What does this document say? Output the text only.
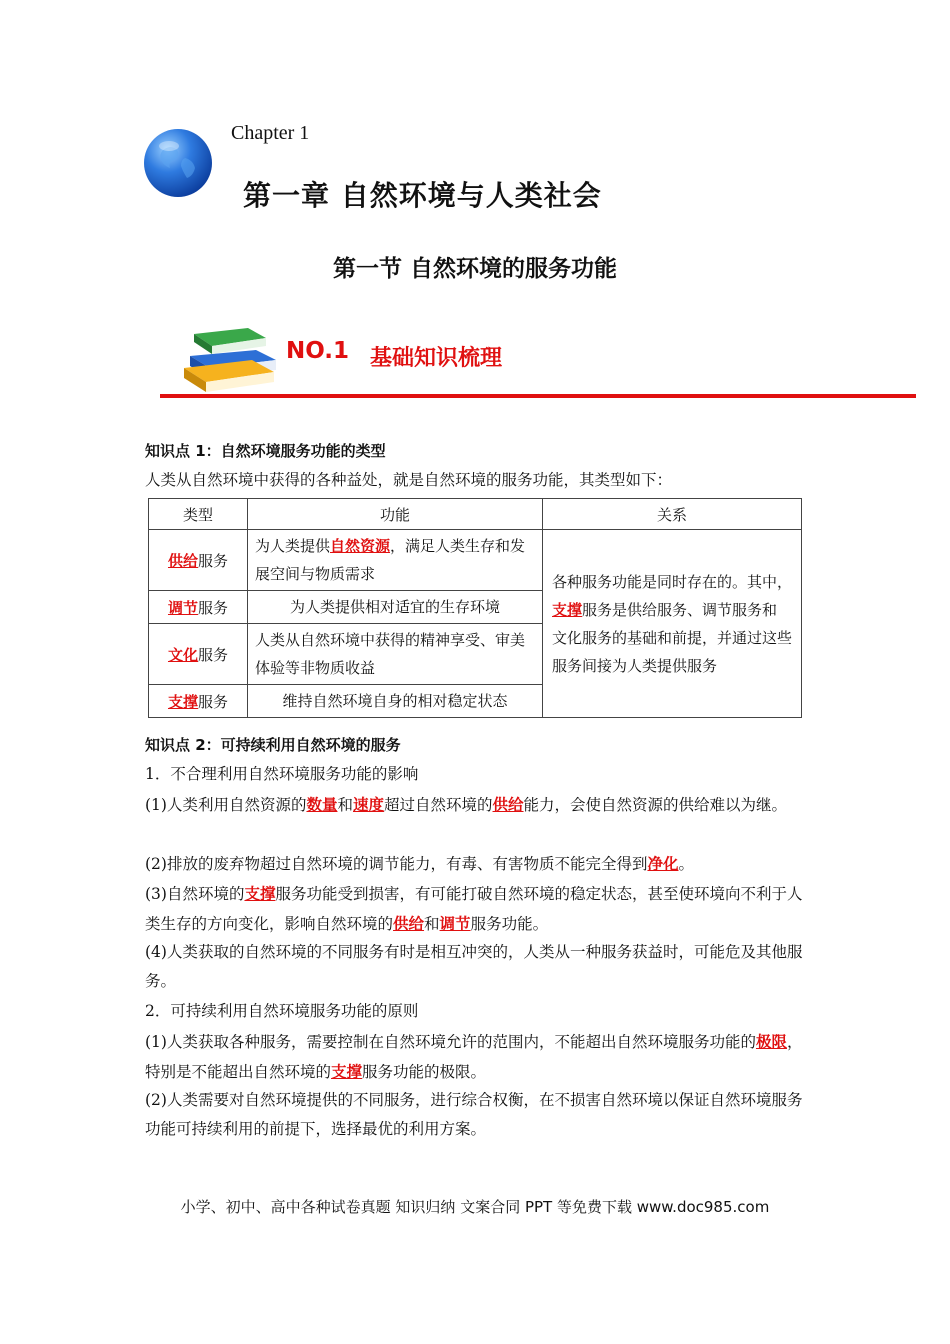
Chapter 1
第一章 自然环境与人类社会
第一节 自然环境的服务功能
NO.1 基础知识梳理
知识点 1：自然环境服务功能的类型
人类从自然环境中获得的各种益处，就是自然环境的服务功能，其类型如下：
类型	功能	关系
供给服务	为人类提供自然资源，满足人类生存和发展空间与物质需求	各种服务功能是同时存在的。其中，支撑服务是供给服务、调节服务和文化服务的基础和前提，并通过这些服务间接为人类提供服务
调节服务	为人类提供相对适宜的生存环境	
文化服务	人类从自然环境中获得的精神享受、审美体验等非物质收益	
支撑服务	维持自然环境自身的相对稳定状态	
知识点 2：可持续利用自然环境的服务
1．不合理利用自然环境服务功能的影响
(1)人类利用自然资源的数量和速度超过自然环境的供给能力，会使自然资源的供给难以为继。
(2)排放的废弃物超过自然环境的调节能力，有毒、有害物质不能完全得到净化。
(3)自然环境的支撑服务功能受到损害，有可能打破自然环境的稳定状态，甚至使环境向不利于人类生存的方向变化，影响自然环境的供给和调节服务功能。
(4)人类获取的自然环境的不同服务有时是相互冲突的，人类从一种服务获益时，可能危及其他服务。
2．可持续利用自然环境服务功能的原则
(1)人类获取各种服务，需要控制在自然环境允许的范围内，不能超出自然环境服务功能的极限，特别是不能超出自然环境的支撑服务功能的极限。
(2)人类需要对自然环境提供的不同服务，进行综合权衡，在不损害自然环境以保证自然环境服务功能可持续利用的前提下，选择最优的利用方案。
小学、初中、高中各种试卷真题 知识归纳 文案合同 PPT 等免费下载 www.doc985.com
